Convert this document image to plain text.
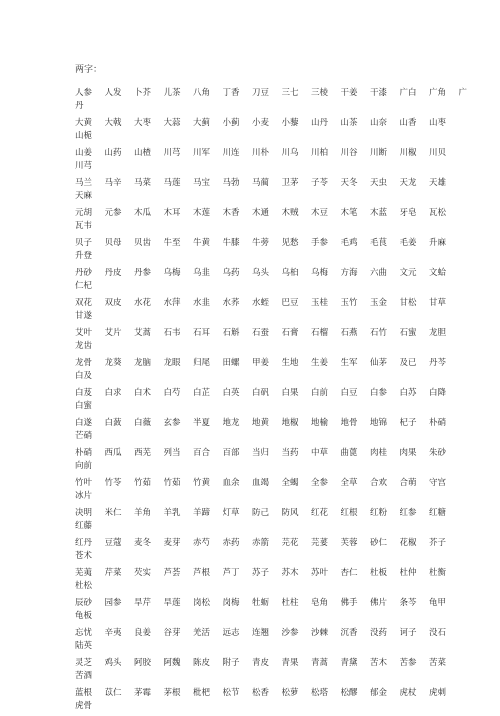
两字：
人参	人发	卜芥	儿茶	八角	丁香	刀豆	三七	三棱	干姜	干漆	广白	广角	广
丹
大黄	大戟	大枣	大蒜	大蓟	小蓟	小麦	小藜	山丹	山茶	山奈	山香	山枣
山栀
山姜	山药	山楂	川芎	川军	川连	川朴	川乌	川柏	川谷	川断	川椒	川贝
川芎
马兰	马辛	马菜	马莲	马宝	马勃	马蔺	卫茅	子苓	天冬	天虫	天龙	天雄
天麻
元胡	元参	木瓜	木耳	木莲	木香	木通	木贼	木豆	木笔	木蓝	牙皂	瓦松
瓦韦
贝子	贝母	贝齿	牛至	牛黄	牛膝	牛蒡	见愁	手参	毛鸡	毛茛	毛姜	升麻
升登
丹砂	丹皮	丹参	乌梅	乌韭	乌药	乌头	乌桕	乌梅	方海	六曲	文元	文蛤
仁杞
双花	双皮	水花	水萍	水韭	水荞	水蛭	巴豆	玉桂	玉竹	玉金	甘松	甘草
甘遂
艾叶	艾片	艾蒿	石韦	石耳	石斛	石蚕	石膏	石榴	石燕	石竹	石蜜	龙胆
龙齿
龙骨	龙葵	龙脑	龙眼	归尾	田螺	甲姜	生地	生姜	生军	仙茅	及已	丹芩
白及
白芨	白求	白术	白芍	白芷	白英	白矾	白果	白前	白豆	白参	白苏	白降
白蜜
白遂	白蔹	白薇	玄参	半夏	地龙	地黄	地椒	地榆	地骨	地锦	杞子	朴硝
芒硝
朴硝	西瓜	西芜	列当	百合	百部	当归	当药	中草	曲蓖	肉桂	肉果	朱砂
向前
竹叶	竹苓	竹茹	竹茹	竹黄	血余	血竭	全蝎	全参	全草	合欢	合萌	守宫
冰片
决明	米仁	羊角	羊乳	羊蹄	灯草	防己	防风	红花	红根	红粉	红参	红糖
红藤
红丹	豆蔻	麦冬	麦芽	赤芍	赤药	赤箭	芫花	芫荽	芙蓉	砂仁	花椒	芥子
苍术
芜荑	芹菜	芡实	芦荟	芦根	芦丁	苏子	苏木	苏叶	杏仁	杜板	杜仲	杜衡
杜松
辰砂	园参	旱芹	旱莲	岗松	岗梅	牡蛎	杜柱	皂角	佛手	佛片	条芩	龟甲
龟板
忘忧	辛夷	良姜	谷芽	羌活	远志	连翘	沙参	沙棘	沉香	没药	诃子	没石
陆英
灵芝	鸡头	阿胶	阿魏	陈皮	附子	青皮	青果	青蒿	青黛	苦木	苦参	苦菜
苦酒
蓝根	苡仁	茅霉	茅根	枇杷	松节	松香	松萝	松塔	松醪	郁金	虎杖	虎刺
虎骨
